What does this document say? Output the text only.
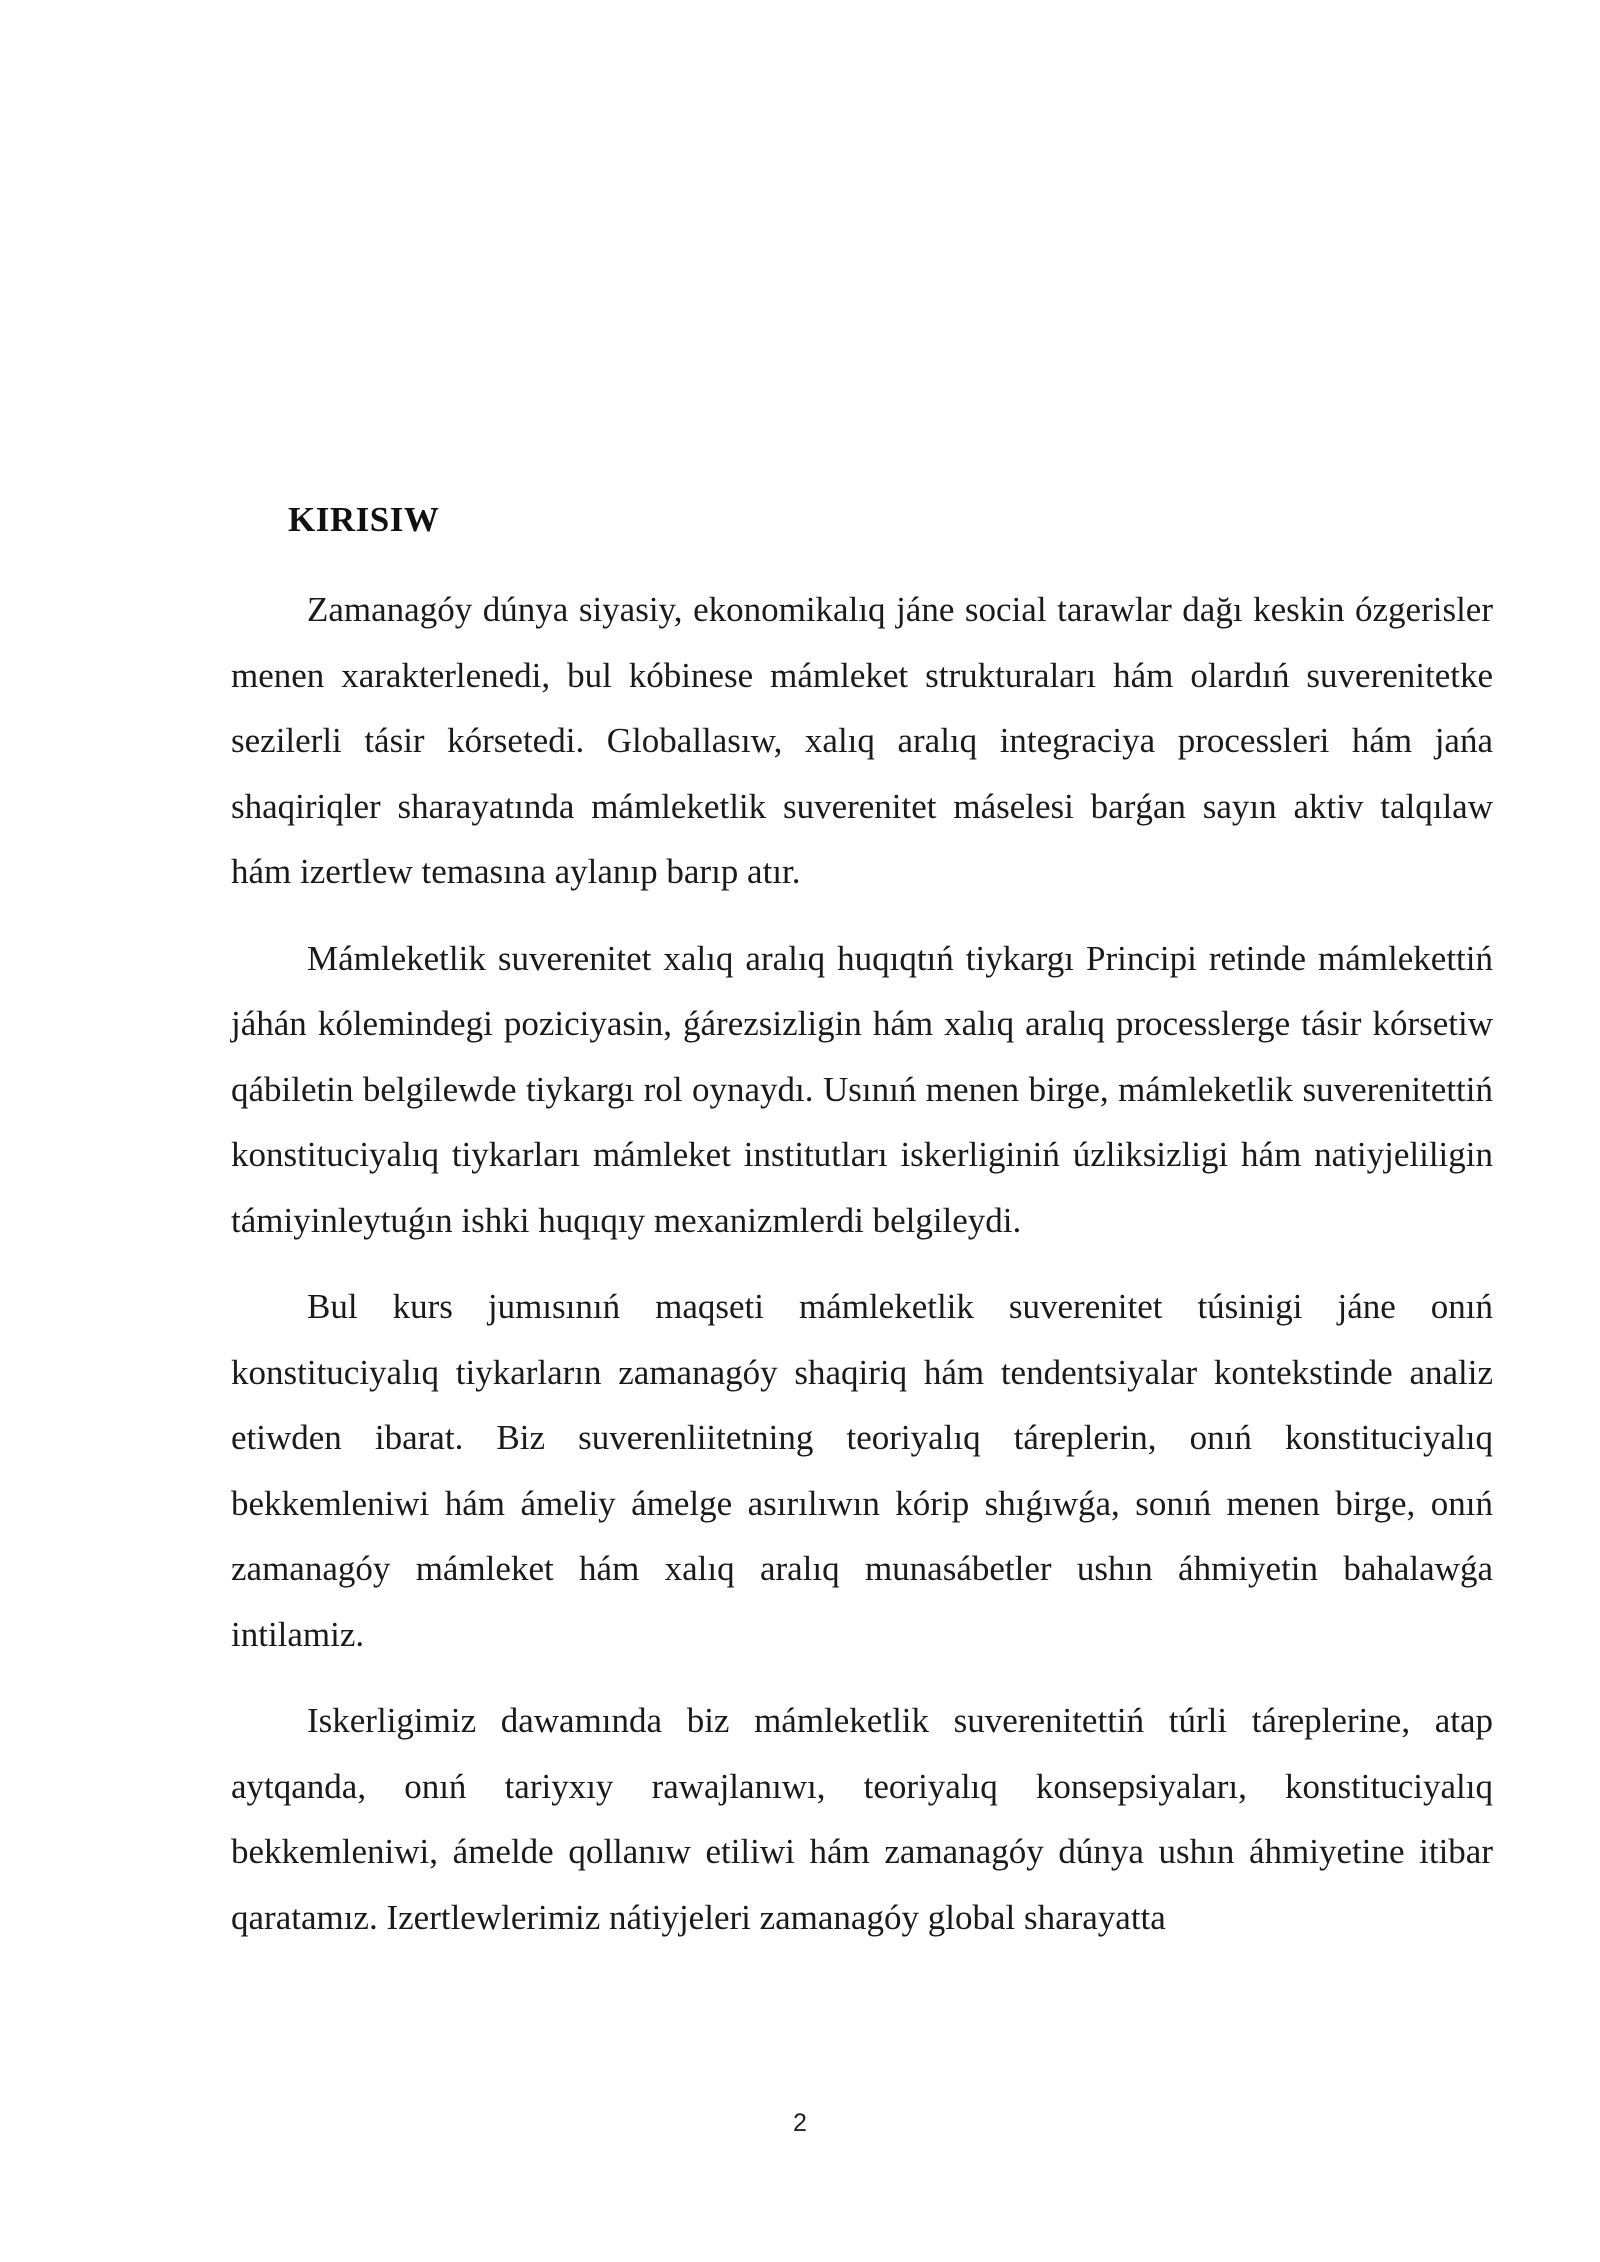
KIRISIW

Zamanagóy dúnya siyasiy, ekonomikalıq jáne social tarawlar dağı keskin ózgerisler menen xarakterlenedi, bul kóbinese mámleket strukturaları hám olardıń suverenitetke sezilerli tásir kórsetedi. Globallasıw, xalıq aralıq integraciya processleri hám jańa shaqiriqler sharayatında mámleketlik suverenitet máselesi barǵan sayın aktiv talqılaw hám izertlew temasına aylanıp barıp atır.

Mámleketlik suverenitet xalıq aralıq huqıqtıń tiykargı Principi retinde mámlekettiń jáhán kólemindegi poziciyasin, ǵárezsizligin hám xalıq aralıq processlerge tásir kórsetiw qábiletin belgilewde tiykargı rol oynaydı. Usınıń menen birge, mámleketlik suverenitettiń konstituciyalıq tiykarları mámleket institutları iskerliginiń úzliksizligi hám natiyjeliligin támiyinleytuǵın ishki huqıqıy mexanizmlerdi belgileydi.

Bul kurs jumısınıń maqseti mámleketlik suverenitet túsinigi jáne onıń konstituciyalıq tiykarların zamanagóy shaqiriq hám tendentsiyalar kontekstinde analiz etiwden ibarat. Biz suverenliitetning teoriyalıq táreplerin, onıń konstituciyalıq bekkemleniwi hám ámeliy ámelge asırılıwın kórip shıǵıwǵa, sonıń menen birge, onıń zamanagóy mámleket hám xalıq aralıq munasábetler ushın áhmiyetin bahalawǵa intilamiz.

Iskerligimiz dawamında biz mámleketlik suverenitettiń túrli táreplerine, atap aytqanda, onıń tariyxıy rawajlanıwı, teoriyalıq konsepsiyaları, konstituciyalıq bekkemleniwi, ámelde qollanıw etiliwi hám zamanagóy dúnya ushın áhmiyetine itibar qaratamız. Izertlewlerimiz nátiyjeleri zamanagóy global sharayatta

2
